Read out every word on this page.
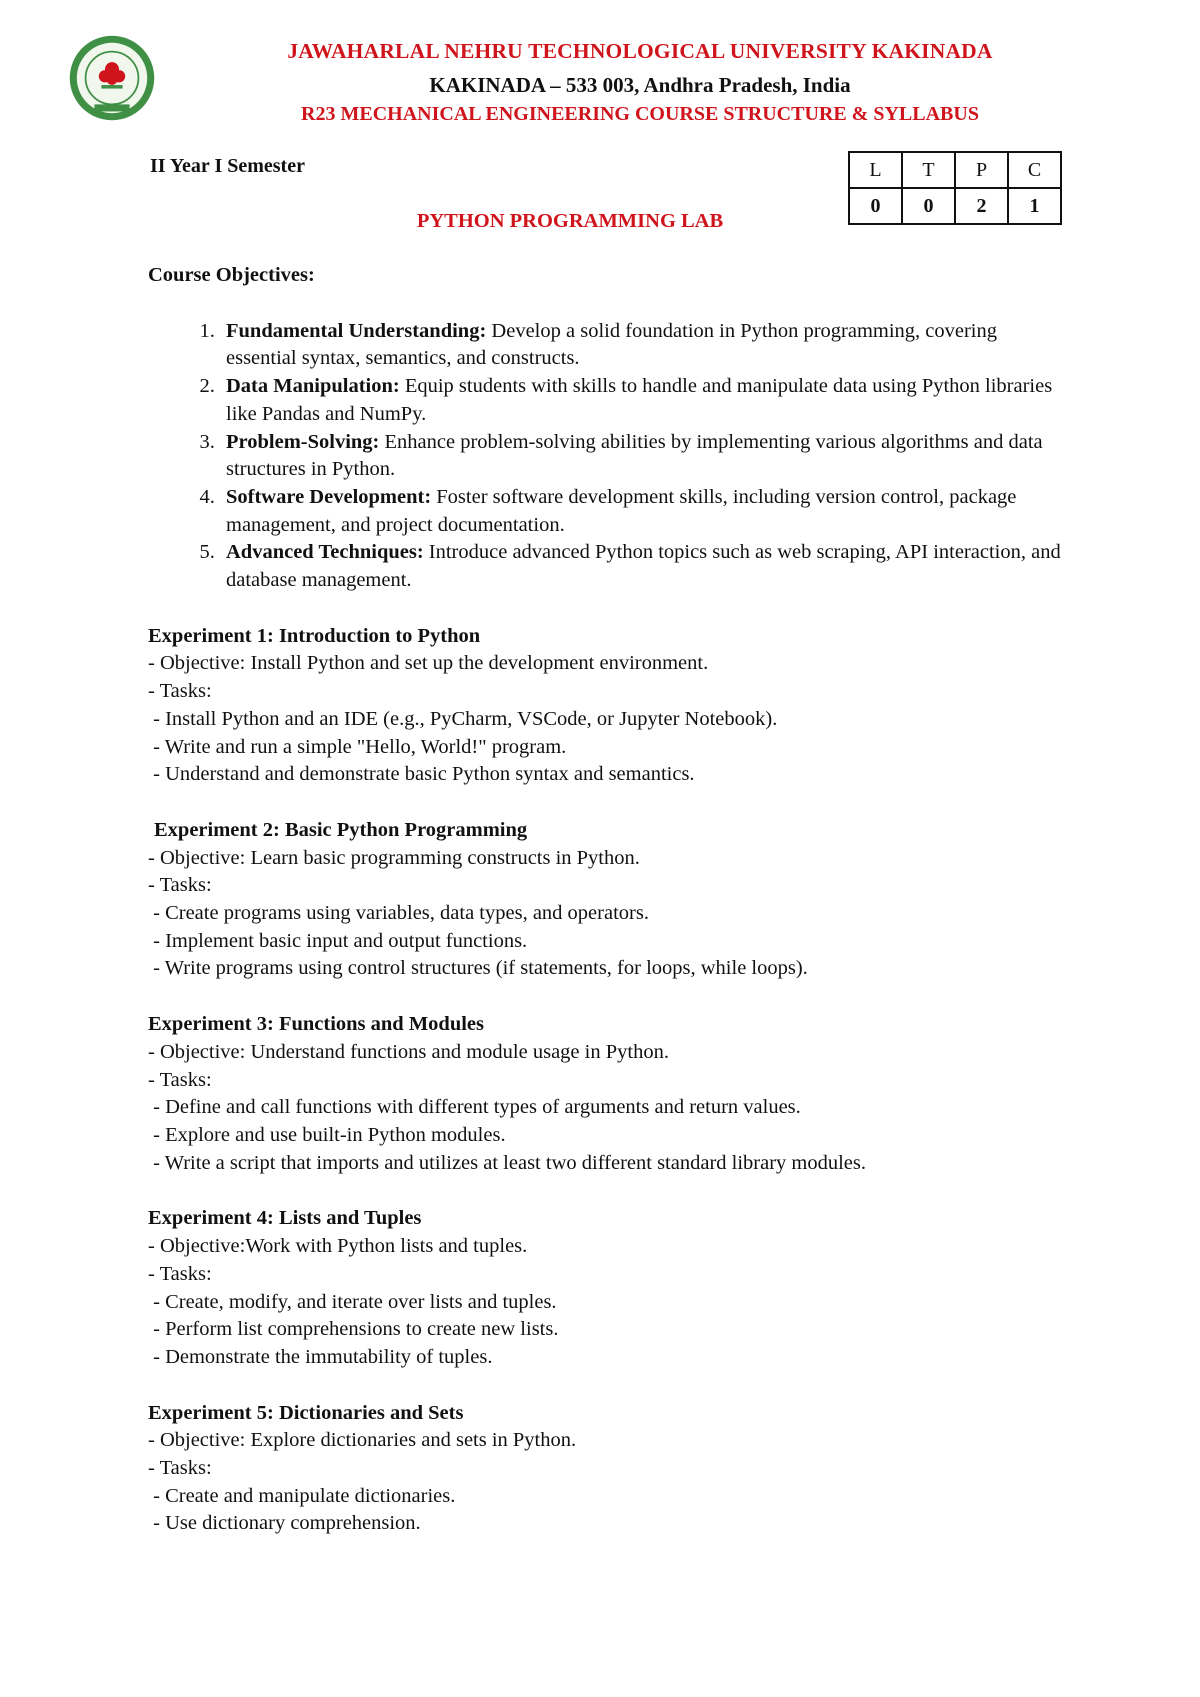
JAWAHARLAL NEHRU TECHNOLOGICAL UNIVERSITY KAKINADA
KAKINADA – 533 003, Andhra Pradesh, India
R23 MECHANICAL ENGINEERING COURSE STRUCTURE & SYLLABUS
II Year I Semester	L	T	P	C
0	0	2	1
PYTHON PROGRAMMING LAB
Course Objectives:
1. Fundamental Understanding: Develop a solid foundation in Python programming, covering essential syntax, semantics, and constructs.
2. Data Manipulation: Equip students with skills to handle and manipulate data using Python libraries like Pandas and NumPy.
3. Problem-Solving: Enhance problem-solving abilities by implementing various algorithms and data structures in Python.
4. Software Development: Foster software development skills, including version control, package management, and project documentation.
5. Advanced Techniques: Introduce advanced Python topics such as web scraping, API interaction, and database management.
Experiment 1: Introduction to Python
- Objective: Install Python and set up the development environment.
- Tasks:
- Install Python and an IDE (e.g., PyCharm, VSCode, or Jupyter Notebook).
- Write and run a simple "Hello, World!" program.
- Understand and demonstrate basic Python syntax and semantics.
Experiment 2: Basic Python Programming
- Objective: Learn basic programming constructs in Python.
- Tasks:
- Create programs using variables, data types, and operators.
- Implement basic input and output functions.
- Write programs using control structures (if statements, for loops, while loops).
Experiment 3: Functions and Modules
- Objective: Understand functions and module usage in Python.
- Tasks:
- Define and call functions with different types of arguments and return values.
- Explore and use built-in Python modules.
- Write a script that imports and utilizes at least two different standard library modules.
Experiment 4: Lists and Tuples
- Objective:Work with Python lists and tuples.
- Tasks:
- Create, modify, and iterate over lists and tuples.
- Perform list comprehensions to create new lists.
- Demonstrate the immutability of tuples.
Experiment 5: Dictionaries and Sets
- Objective: Explore dictionaries and sets in Python.
- Tasks:
- Create and manipulate dictionaries.
- Use dictionary comprehension.
